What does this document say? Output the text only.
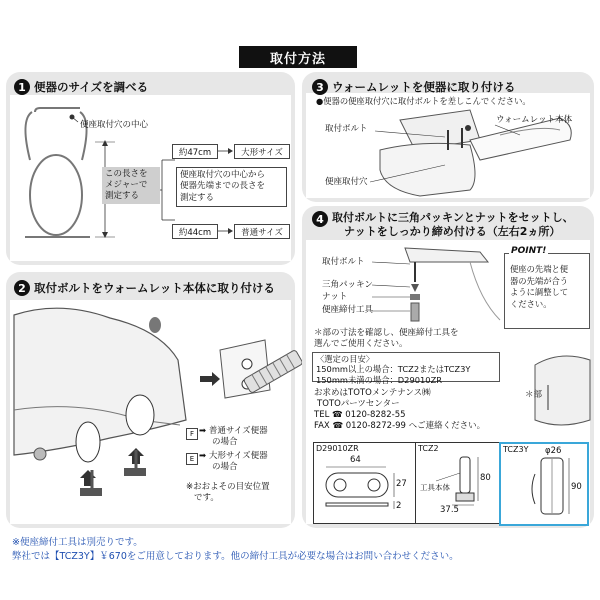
取付方法
1 便器のサイズを調べる
便座取付穴の中心
この長さを
メジャーで
測定する
便座取付穴の中心から
便器先端までの長さを
測定する
約47cm	大形サイズ
約44cm	普通サイズ
2 取付ボルトをウォームレット本体に取り付ける
F ➡ 普通サイズ便器
の場合
E ➡ 大形サイズ便器
の場合
※おおよその目安位置
です。
3 ウォームレットを便器に取り付ける
●便器の便座取付穴に取付ボルトを差しこんでください。
取付ボルト
ウォームレット本体
便座取付穴
4 取付ボルトに三角パッキンとナットをセットし、
ナットをしっかり締め付ける（左右2ヵ所）
取付ボルト
三角パッキン
ナット
便座締付工具
POINT!
便座の先端と便
器の先端が合う
ように調整して
ください。
＊部の寸法を確認し、便座締付工具を
選んでご使用ください。
〈選定の目安〉
150mm以上の場合：TCZ2またはTCZ3Y
150mm未満の場合：D29010ZR
＊部
お求めはTOTOメンテナンス㈱
TOTOパーツセンター
TEL ☎ 0120-8282-55
FAX ☎ 0120-8272-99 へご連絡ください。
D29010ZR
64
27
2
TCZ2
工具本体
80
37.5
TCZ3Y φ26
90
※便座締付工具は別売りです。
弊社では【TCZ3Y】￥670をご用意しております。他の締付工具が必要な場合はお問い合わせください。
